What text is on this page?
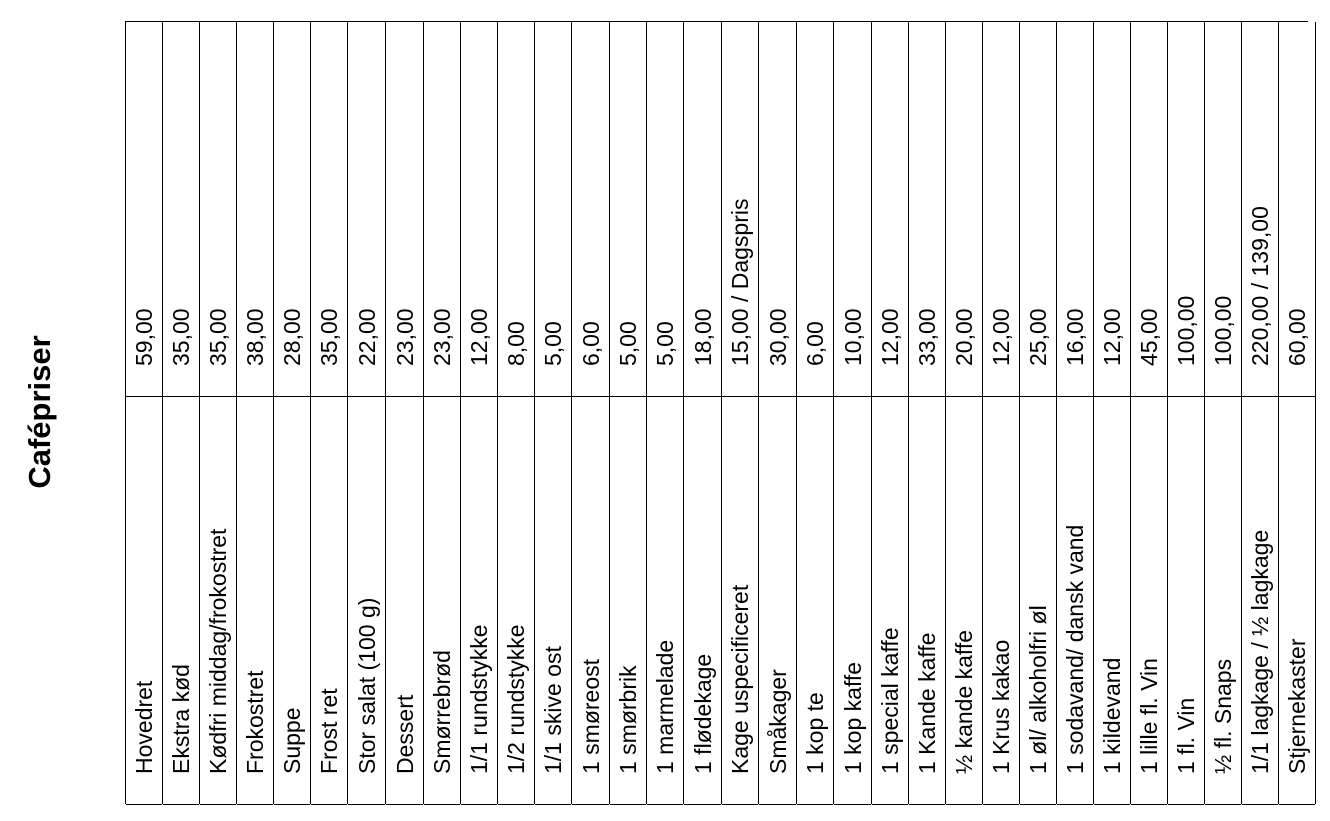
Cafépriser	59,00
Hovedret
35,00
Ekstra kød
35,00
Kødfri middag/frokostret
38,00
Frokostret
28,00
Suppe
35,00
Frost ret
22,00
Stor salat (100 g)
23,00
Dessert
23,00
Smørrebrød
12,00
1/1 rundstykke
8,00
1/2 rundstykke
5,00
1/1 skive ost
6,00
1 smøreost
5,00
1 smørbrik
5,00
1 marmelade
18,00
1 flødekage
15,00 / Dagspris
Kage uspecificeret
30,00
Småkager
6,00
1 kop te
10,00
1 kop kaffe
12,00
1 special kaffe
33,00
1 Kande kaffe
20,00
½ kande kaffe
12,00
1 Krus kakao
25,00
1 øl/ alkoholfri øl
16,00
1 sodavand/ dansk vand
12,00
1 kildevand
45,00
1 lille fl. Vin
100,00
1 fl. Vin
100,00
½ fl. Snaps
220,00 / 139,00
1/1 lagkage / ½ lagkage
60,00
Stjernekaster
